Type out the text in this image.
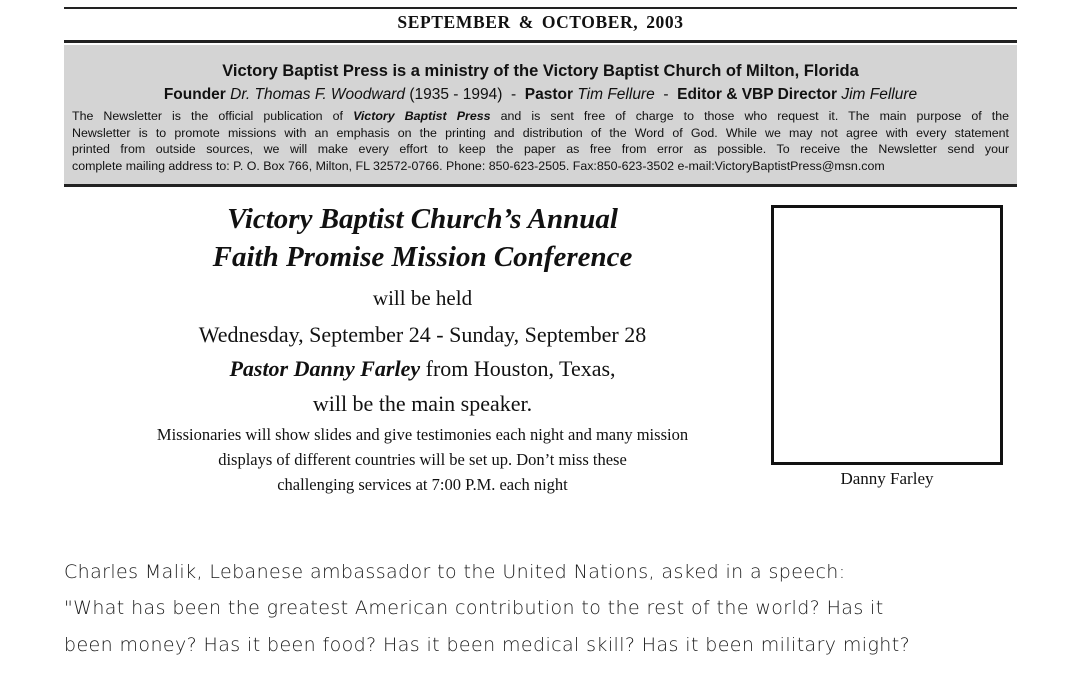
SEPTEMBER & OCTOBER, 2003
Victory Baptist Press is a ministry of the Victory Baptist Church of Milton, Florida
Founder Dr. Thomas F. Woodward (1935 - 1994)  -  Pastor Tim Fellure  -  Editor & VBP Director Jim Fellure
The Newsletter is the official publication of Victory Baptist Press and is sent free of charge to those who request it. The main purpose of the
Newsletter is to promote missions with an emphasis on the printing and distribution of the Word of God. While we may not agree with every statement
printed from outside sources, we will make every effort to keep the paper as free from error as possible. To receive the Newsletter send your
complete mailing address to: P. O. Box 766, Milton, FL 32572-0766. Phone: 850-623-2505. Fax:850-623-3502 e-mail:VictoryBaptistPress@msn.com
Victory Baptist Church’s Annual
Faith Promise Mission Conference
will be held
Wednesday, September 24 - Sunday, September 28
Pastor Danny Farley from Houston, Texas,
will be the main speaker.
Missionaries will show slides and give testimonies each night and many mission
displays of different countries will be set up. Don’t miss these
challenging services at 7:00 P.M. each night	Danny Farley
Charles Malik, Lebanese ambassador to the United Nations, asked in a speech:
"What has been the greatest American contribution to the rest of the world? Has it
been money? Has it been food? Has it been medical skill? Has it been military might?
